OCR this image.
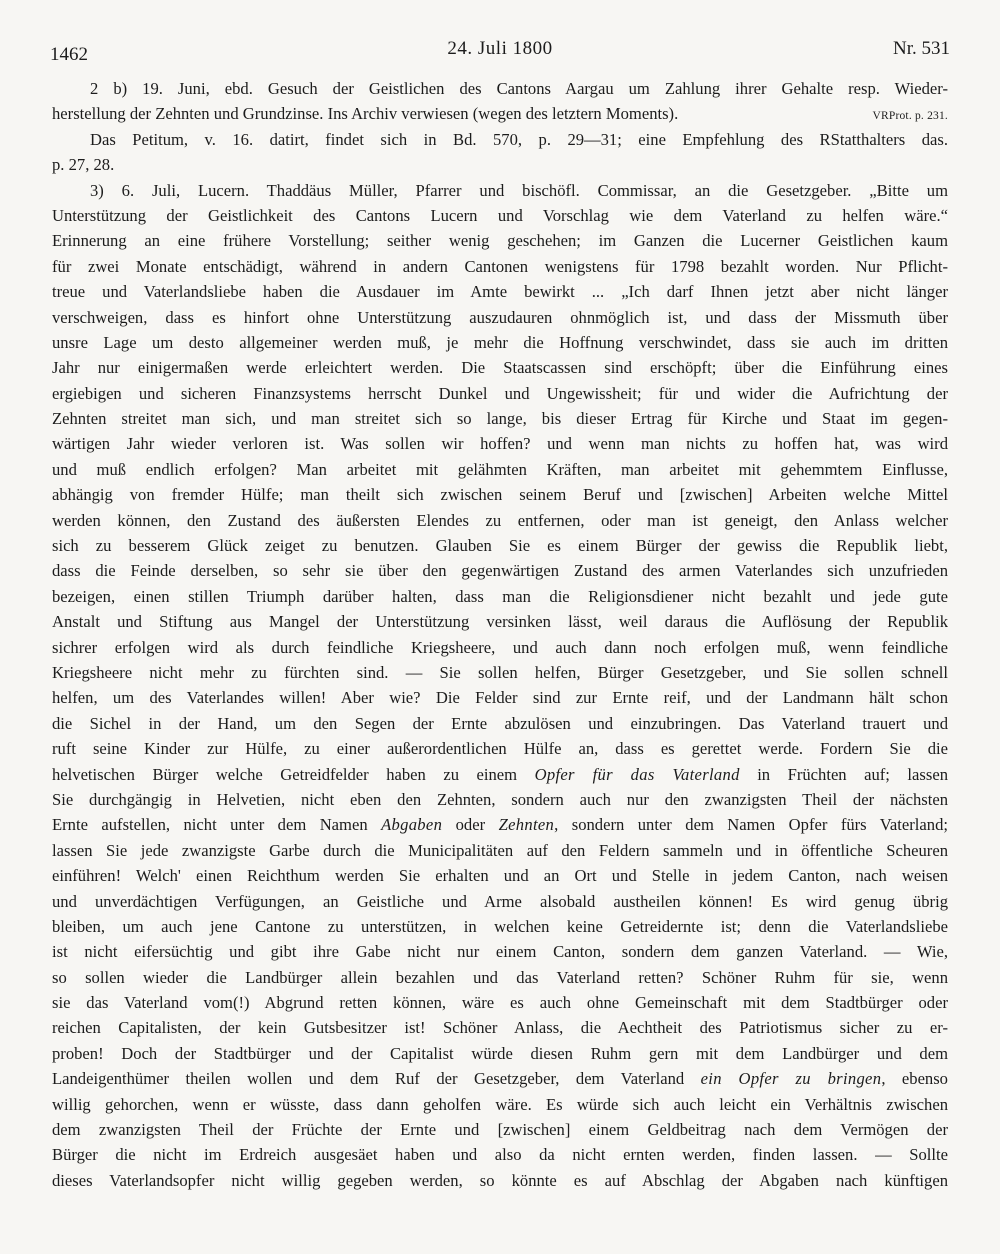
1462	24. Juli 1800	Nr. 531
2 b) 19. Juni, ebd. Gesuch der Geistlichen des Cantons Aargau um Zahlung ihrer Gehalte resp. Wieder-
herstellung der Zehnten und Grundzinse. Ins Archiv verwiesen (wegen des letztern Moments).	VRProt. p. 231.
Das Petitum, v. 16. datirt, findet sich in Bd. 570, p. 29—31; eine Empfehlung des RStatthalters das.
p. 27, 28.
3) 6. Juli, Lucern. Thaddäus Müller, Pfarrer und bischöfl. Commissar, an die Gesetzgeber. „Bitte um
Unterstützung der Geistlichkeit des Cantons Lucern und Vorschlag wie dem Vaterland zu helfen wäre.“
Erinnerung an eine frühere Vorstellung; seither wenig geschehen; im Ganzen die Lucerner Geistlichen kaum
für zwei Monate entschädigt, während in andern Cantonen wenigstens für 1798 bezahlt worden. Nur Pflicht-
treue und Vaterlandsliebe haben die Ausdauer im Amte bewirkt ... „Ich darf Ihnen jetzt aber nicht länger
verschweigen, dass es hinfort ohne Unterstützung auszudauren ohnmöglich ist, und dass der Missmuth über
unsre Lage um desto allgemeiner werden muß, je mehr die Hoffnung verschwindet, dass sie auch im dritten
Jahr nur einigermaßen werde erleichtert werden. Die Staatscassen sind erschöpft; über die Einführung eines
ergiebigen und sicheren Finanzsystems herrscht Dunkel und Ungewissheit; für und wider die Aufrichtung der
Zehnten streitet man sich, und man streitet sich so lange, bis dieser Ertrag für Kirche und Staat im gegen-
wärtigen Jahr wieder verloren ist. Was sollen wir hoffen? und wenn man nichts zu hoffen hat, was wird
und muß endlich erfolgen? Man arbeitet mit gelähmten Kräften, man arbeitet mit gehemmtem Einflusse,
abhängig von fremder Hülfe; man theilt sich zwischen seinem Beruf und [zwischen] Arbeiten welche Mittel
werden können, den Zustand des äußersten Elendes zu entfernen, oder man ist geneigt, den Anlass welcher
sich zu besserem Glück zeiget zu benutzen. Glauben Sie es einem Bürger der gewiss die Republik liebt,
dass die Feinde derselben, so sehr sie über den gegenwärtigen Zustand des armen Vaterlandes sich unzufrieden
bezeigen, einen stillen Triumph darüber halten, dass man die Religionsdiener nicht bezahlt und jede gute
Anstalt und Stiftung aus Mangel der Unterstützung versinken lässt, weil daraus die Auflösung der Republik
sichrer erfolgen wird als durch feindliche Kriegsheere, und auch dann noch erfolgen muß, wenn feindliche
Kriegsheere nicht mehr zu fürchten sind. — Sie sollen helfen, Bürger Gesetzgeber, und Sie sollen schnell
helfen, um des Vaterlandes willen! Aber wie? Die Felder sind zur Ernte reif, und der Landmann hält schon
die Sichel in der Hand, um den Segen der Ernte abzulösen und einzubringen. Das Vaterland trauert und
ruft seine Kinder zur Hülfe, zu einer außerordentlichen Hülfe an, dass es gerettet werde. Fordern Sie die
helvetischen Bürger welche Getreidfelder haben zu einem Opfer für das Vaterland in Früchten auf; lassen
Sie durchgängig in Helvetien, nicht eben den Zehnten, sondern auch nur den zwanzigsten Theil der nächsten
Ernte aufstellen, nicht unter dem Namen Abgaben oder Zehnten, sondern unter dem Namen Opfer fürs Vaterland;
lassen Sie jede zwanzigste Garbe durch die Municipalitäten auf den Feldern sammeln und in öffentliche Scheuren
einführen! Welch' einen Reichthum werden Sie erhalten und an Ort und Stelle in jedem Canton, nach weisen
und unverdächtigen Verfügungen, an Geistliche und Arme alsobald austheilen können! Es wird genug übrig
bleiben, um auch jene Cantone zu unterstützen, in welchen keine Getreidernte ist; denn die Vaterlandsliebe
ist nicht eifersüchtig und gibt ihre Gabe nicht nur einem Canton, sondern dem ganzen Vaterland. — Wie,
so sollen wieder die Landbürger allein bezahlen und das Vaterland retten? Schöner Ruhm für sie, wenn
sie das Vaterland vom(!) Abgrund retten können, wäre es auch ohne Gemeinschaft mit dem Stadtbürger oder
reichen Capitalisten, der kein Gutsbesitzer ist! Schöner Anlass, die Aechtheit des Patriotismus sicher zu er-
proben! Doch der Stadtbürger und der Capitalist würde diesen Ruhm gern mit dem Landbürger und dem
Landeigenthümer theilen wollen und dem Ruf der Gesetzgeber, dem Vaterland ein Opfer zu bringen, ebenso
willig gehorchen, wenn er wüsste, dass dann geholfen wäre. Es würde sich auch leicht ein Verhältnis zwischen
dem zwanzigsten Theil der Früchte der Ernte und [zwischen] einem Geldbeitrag nach dem Vermögen der
Bürger die nicht im Erdreich ausgesäet haben und also da nicht ernten werden, finden lassen. — Sollte
dieses Vaterlandsopfer nicht willig gegeben werden, so könnte es auf Abschlag der Abgaben nach künftigen
